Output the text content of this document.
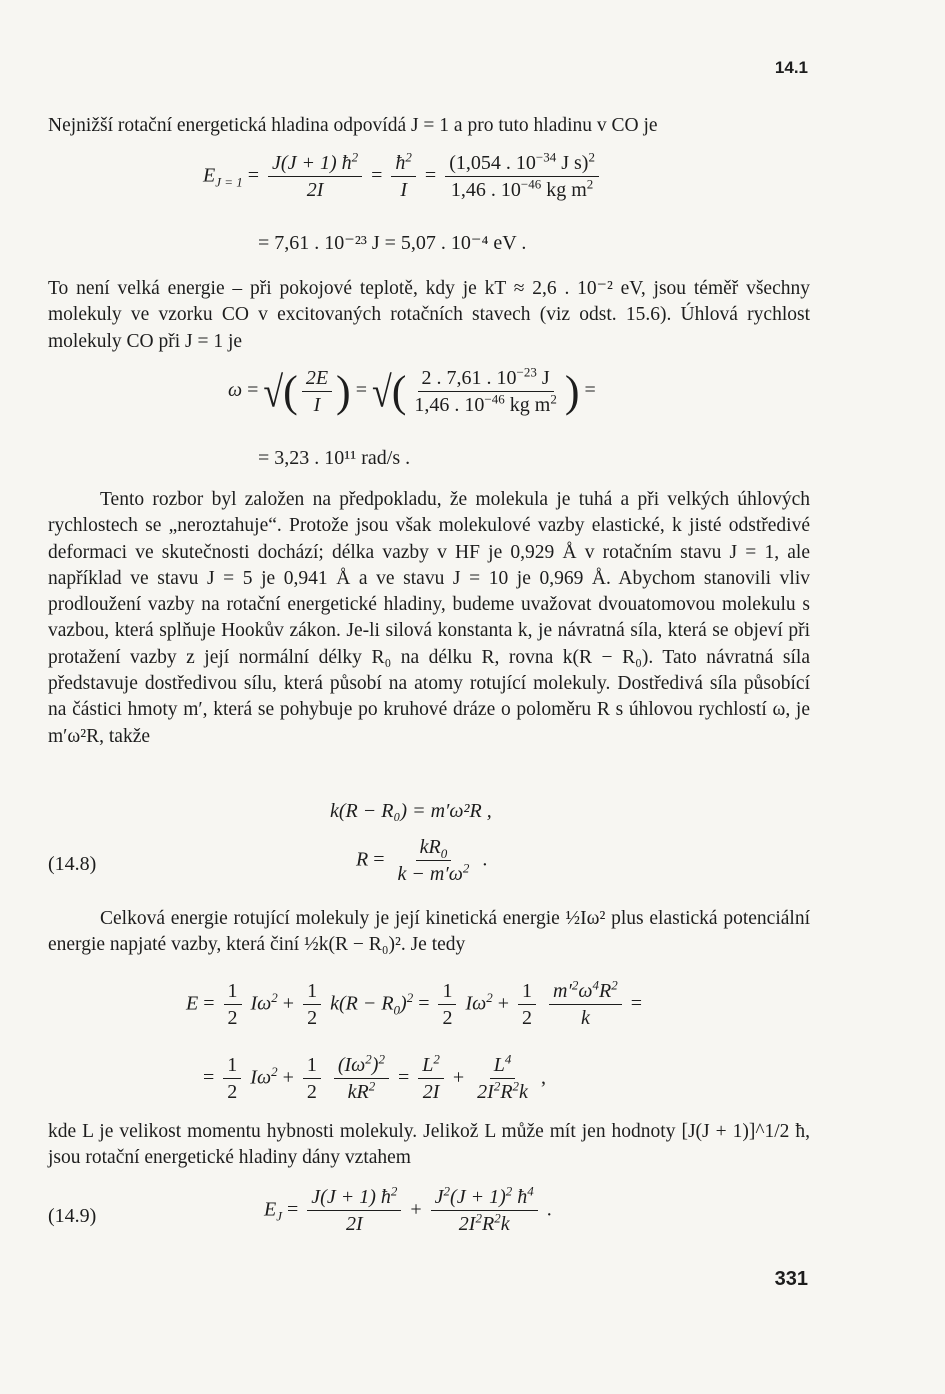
14.1

Nejnižší rotační energetická hladina odpovídá J = 1 a pro tuto hladinu v CO je

$E_{J = 1} = \frac{J(J + 1) ħ^2}{2I} = \frac{ħ^2}{I} = \frac{(1,054 . 10^{-34} J s)^2}{1,46 . 10^{-46} kg m^2}$
= 7,61 . 10⁻²³ J = 5,07 . 10⁻⁴ eV .

To není velká energie – při pokojové teplotě, kdy je kT ≈ 2,6 . 10⁻² eV, jsou téměř všechny molekuly ve vzorku CO v excitovaných rotačních stavech (viz odst. 15.6). Úhlová rychlost molekuly CO při J = 1 je

ω = √( $\frac{2E}{I}$ ) = √( $\frac{2 . 7,61 . 10^{-23} J}{1,46 . 10^{-46} kg m^2}$ ) =
= 3,23 . 10¹¹ rad/s .

Tento rozbor byl založen na předpokladu, že molekula je tuhá a při velkých úhlových rychlostech se „neroztahuje“. Protože jsou však molekulové vazby elastické, k jisté odstředivé deformaci ve skutečnosti dochází; délka vazby v HF je 0,929 Å v rotačním stavu J = 1, ale například ve stavu J = 5 je 0,941 Å a ve stavu J = 10 je 0,969 Å. Abychom stanovili vliv prodloužení vazby na rotační energetické hladiny, budeme uvažovat dvouatomovou molekulu s vazbou, která splňuje Hookův zákon. Je-li silová konstanta k, je návratná síla, která se objeví při protažení vazby z její normální délky R₀ na délku R, rovna k(R − R₀). Tato návratná síla představuje dostředivou sílu, která působí na atomy rotující molekuly. Dostředivá síla působící na částici hmoty m′, která se pohybuje po kruhové dráze o poloměru R s úhlovou rychlostí ω, je m′ω²R, takže

k(R − R₀) = m′ω²R ,
(14.8)	$R = \frac{kR_0}{k - m'\omega^2}$ .

Celková energie rotující molekuly je její kinetická energie ½Iω² plus elastická potenciální energie napjaté vazby, která činí ½k(R − R₀)². Je tedy

$E = \frac{1}{2} I\omega^2 + \frac{1}{2} k(R - R_0)^2 = \frac{1}{2} I\omega^2 + \frac{1}{2}$
$\frac{m'^2\omega^4R^2}{k}$ =
= $\frac{1}{2} I\omega^2 + \frac{1}{2}$
$\frac{(I\omega^2)^2}{kR^2} = \frac{L^2}{2I} + \frac{L^4}{2I^2R^2k}$ ,

kde L je velikost momentu hybnosti molekuly. Jelikož L může mít jen hodnoty [J(J + 1)]^1/2 ħ, jsou rotační energetické hladiny dány vztahem

(14.9)	$E_J = \frac{J(J + 1) ħ^2}{2I} + \frac{J^2(J + 1)^2 ħ^4}{2I^2R^2k}$ .
331
